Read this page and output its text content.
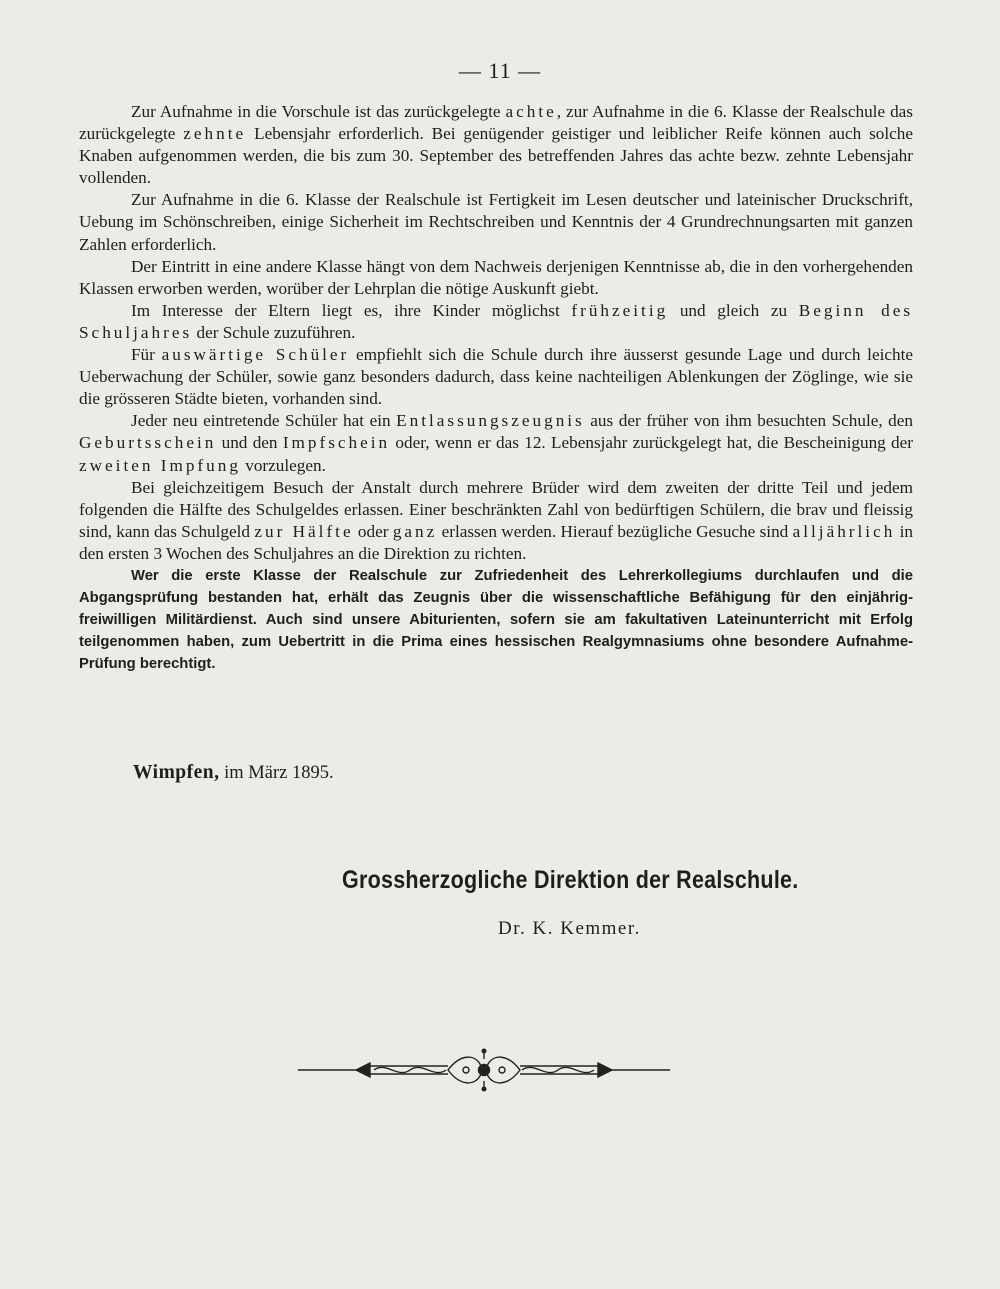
— 11 —

Zur Aufnahme in die Vorschule ist das zurückgelegte achte, zur Aufnahme in die 6. Klasse der Realschule das zurückgelegte zehnte Lebensjahr erforderlich. Bei genügender geistiger und leiblicher Reife können auch solche Knaben aufgenommen werden, die bis zum 30. September des betreffenden Jahres das achte bezw. zehnte Lebensjahr vollenden.

Zur Aufnahme in die 6. Klasse der Realschule ist Fertigkeit im Lesen deutscher und lateinischer Druckschrift, Uebung im Schönschreiben, einige Sicherheit im Rechtschreiben und Kenntnis der 4 Grundrechnungsarten mit ganzen Zahlen erforderlich.

Der Eintritt in eine andere Klasse hängt von dem Nachweis derjenigen Kenntnisse ab, die in den vorhergehenden Klassen erworben werden, worüber der Lehrplan die nötige Auskunft giebt.

Im Interesse der Eltern liegt es, ihre Kinder möglichst frühzeitig und gleich zu Beginn des Schuljahres der Schule zuzuführen.

Für auswärtige Schüler empfiehlt sich die Schule durch ihre äusserst gesunde Lage und durch leichte Ueberwachung der Schüler, sowie ganz besonders dadurch, dass keine nachteiligen Ablenkungen der Zöglinge, wie sie die grösseren Städte bieten, vorhanden sind.

Jeder neu eintretende Schüler hat ein Entlassungszeugnis aus der früher von ihm besuchten Schule, den Geburtsschein und den Impfschein oder, wenn er das 12. Lebensjahr zurückgelegt hat, die Bescheinigung der zweiten Impfung vorzulegen.

Bei gleichzeitigem Besuch der Anstalt durch mehrere Brüder wird dem zweiten der dritte Teil und jedem folgenden die Hälfte des Schulgeldes erlassen. Einer beschränkten Zahl von bedürftigen Schülern, die brav und fleissig sind, kann das Schulgeld zur Hälfte oder ganz erlassen werden. Hierauf bezügliche Gesuche sind alljährlich in den ersten 3 Wochen des Schuljahres an die Direktion zu richten.

Wer die erste Klasse der Realschule zur Zufriedenheit des Lehrerkollegiums durchlaufen und die Abgangsprüfung bestanden hat, erhält das Zeugnis über die wissenschaftliche Befähigung für den einjährig-freiwilligen Militärdienst. Auch sind unsere Abiturienten, sofern sie am fakultativen Lateinunterricht mit Erfolg teilgenommen haben, zum Uebertritt in die Prima eines hessischen Realgymnasiums ohne besondere Aufnahme-Prüfung berechtigt.

Wimpfen, im März 1895.
Grossherzogliche Direktion der Realschule.
Dr. K. Kemmer.
